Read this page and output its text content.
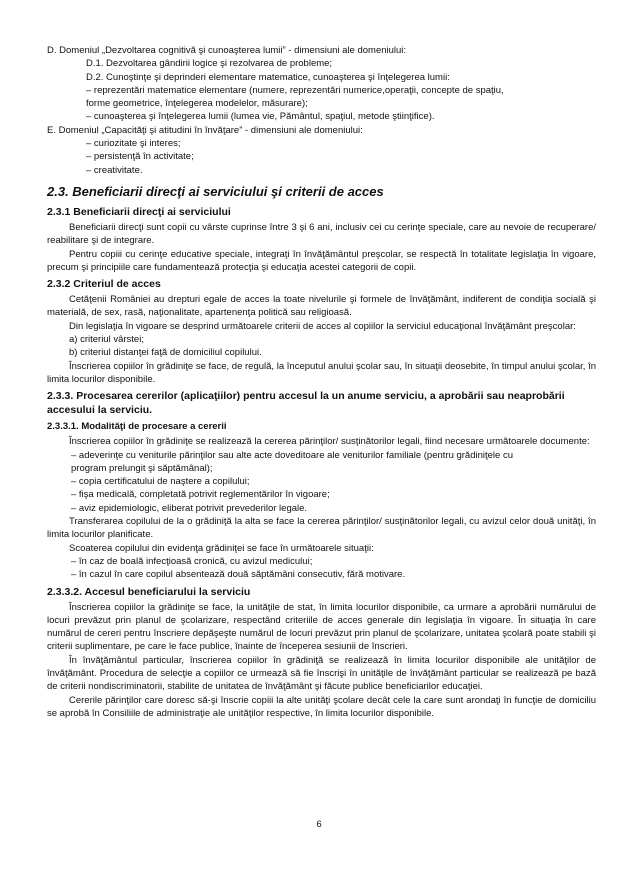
D. Domeniul „Dezvoltarea cognitivă şi cunoaşterea lumii” - dimensiuni ale domeniului:

D.1. Dezvoltarea gândirii logice şi rezolvarea de probleme;

D.2. Cunoştinţe şi deprinderi elementare matematice, cunoaşterea şi înţelegerea lumii:

– reprezentări matematice elementare (numere, reprezentări numerice,operaţii, concepte de spaţiu,

forme geometrice, înţelegerea modelelor, măsurare);

– cunoaşterea şi înţelegerea lumii (lumea vie, Pământul, spaţiul, metode ştiinţifice).

E. Domeniul „Capacităţi şi atitudini în învăţare” - dimensiuni ale domeniului:

– curiozitate şi interes;

– persistenţă în activitate;

– creativitate.

2.3. Beneficiarii direcţi ai serviciului şi criterii de acces
2.3.1 Beneficiarii direcţi ai serviciului

Beneficiarii direcţi sunt copii cu vârste cuprinse între 3 şi 6 ani, inclusiv cei cu cerinţe speciale, care au nevoie de recuperare/ reabilitare şi de integrare.

Pentru copiii cu cerinţe educative speciale, integraţi în învăţământul preşcolar, se respectă în totalitate legislaţia în vigoare, precum şi principiile care fundamentează protecţia şi educaţia acestei categorii de copii.

2.3.2 Criteriul de acces

Cetăţenii României au drepturi egale de acces la toate nivelurile şi formele de învăţământ, indiferent de condiţia socială şi materială, de sex, rasă, naţionalitate, apartenenţa politică sau religioasă.

Din legislaţia în vigoare se desprind următoarele criterii de acces al copiilor la serviciul educaţional învăţământ preşcolar:

a) criteriul vârstei;

b) criteriul distanţei faţă de domiciliul copilului.

Înscrierea copiilor în grădiniţe se face, de regulă, la începutul anului şcolar sau, în situaţii deosebite, în timpul anului şcolar, în limita locurilor disponibile.

2.3.3. Procesarea cererilor (aplicaţiilor) pentru accesul la un anume serviciu, a aprobării sau neaprobării accesului la serviciu.
2.3.3.1. Modalităţi de procesare a cererii

Înscrierea copiilor în grădiniţe se realizează la cererea părinţilor/ susţinătorilor legali, fiind necesare următoarele documente:

– adeverinţe cu veniturile părinţilor sau alte acte doveditoare ale veniturilor familiale (pentru grădiniţele cu

program prelungit şi săptămânal);

– copia certificatului de naştere a copilului;

– fişa medicală, completată potrivit reglementărilor în vigoare;

– aviz epidemiologic, eliberat potrivit prevederilor legale.

Transferarea copilului de la o grădiniţă la alta se face la cererea părinţilor/ susţinătorilor legali, cu avizul celor două unităţi, în limita locurilor planificate.

Scoaterea copilului din evidenţa grădiniţei se face în următoarele situaţii:

– în caz de boală infecţioasă cronică, cu avizul medicului;

– în cazul în care copilul absentează două săptămâni consecutiv, fără motivare.

2.3.3.2. Accesul beneficiarului la serviciu

Înscrierea copiilor la grădiniţe se face, la unităţile de stat, în limita locurilor disponibile, ca urmare a aprobării numărului de locuri prevăzut prin planul de şcolarizare, respectând criteriile de acces generale din legislaţia în vigoare. În situaţia în care numărul de cereri pentru înscriere depăşeşte numărul de locuri prevăzut prin planul de şcolarizare, unitatea şcolară poate stabili şi criterii suplimentare, pe care le face publice, înainte de începerea sesiunii de înscrieri.

În învăţământul particular, înscrierea copiilor în grădiniţă se realizează în limita locurilor disponibile ale unităţilor de învăţământ. Procedura de selecţie a copiilor ce urmează să fie înscrişi în unităţile de învăţământ particular se realizează pe bază de criterii nondiscriminatorii, stabilite de unitatea de învăţământ şi făcute publice beneficiarilor educaţiei.

Cererile părinţilor care doresc să-şi înscrie copiii la alte unităţi şcolare decât cele la care sunt arondaţi în funcţie de domiciliu se aprobă în Consiliile de administraţie ale unităţilor respective, în limita locurilor disponibile.

6
